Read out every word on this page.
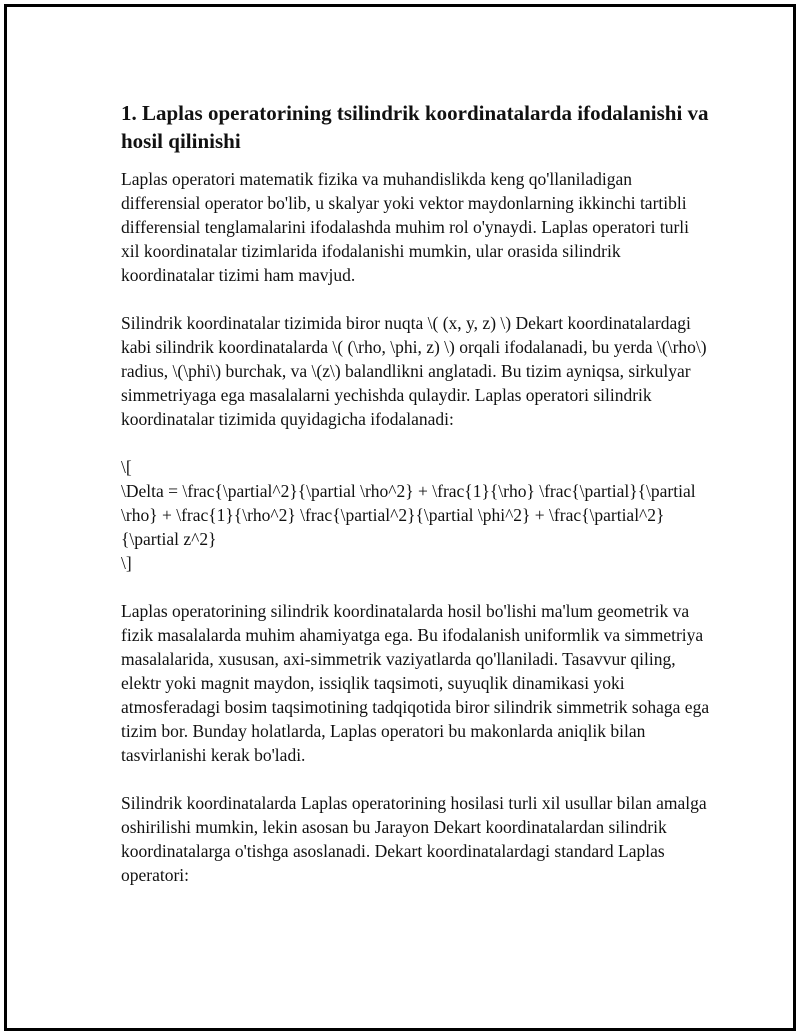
1. Laplas operatorining tsilindrik koordinatalarda ifodalanishi va hosil qilinishi

Laplas operatori matematik fizika va muhandislikda keng qo'llaniladigan differensial operator bo'lib, u skalyar yoki vektor maydonlarning ikkinchi tartibli differensial tenglamalarini ifodalashda muhim rol o'ynaydi. Laplas operatori turli xil koordinatalar tizimlarida ifodalanishi mumkin, ular orasida silindrik koordinatalar tizimi ham mavjud.

Silindrik koordinatalar tizimida biror nuqta \( (x, y, z) \) Dekart koordinatalardagi kabi silindrik koordinatalarda \( (\rho, \phi, z) \) orqali ifodalanadi, bu yerda \(\rho\) radius, \(\phi\) burchak, va \(z\) balandlikni anglatadi. Bu tizim ayniqsa, sirkulyar simmetriyaga ega masalalarni yechishda qulaydir. Laplas operatori silindrik koordinatalar tizimida quyidagicha ifodalanadi:

\[
\Delta = \frac{\partial^2}{\partial \rho^2} + \frac{1}{\rho} \frac{\partial}{\partial \rho} + \frac{1}{\rho^2} \frac{\partial^2}{\partial \phi^2} + \frac{\partial^2}{\partial z^2}
\]

Laplas operatorining silindrik koordinatalarda hosil bo'lishi ma'lum geometrik va fizik masalalarda muhim ahamiyatga ega. Bu ifodalanish uniformlik va simmetriya masalalarida, xususan, axi-simmetrik vaziyatlarda qo'llaniladi. Tasavvur qiling, elektr yoki magnit maydon, issiqlik taqsimoti, suyuqlik dinamikasi yoki atmosferadagi bosim taqsimotining tadqiqotida biror silindrik simmetrik sohaga ega tizim bor. Bunday holatlarda, Laplas operatori bu makonlarda aniqlik bilan tasvirlanishi kerak bo'ladi.

Silindrik koordinatalarda Laplas operatorining hosilasi turli xil usullar bilan amalga oshirilishi mumkin, lekin asosan bu Jarayon Dekart koordinatalardan silindrik koordinatalarga o'tishga asoslanadi. Dekart koordinatalardagi standard Laplas operatori:
